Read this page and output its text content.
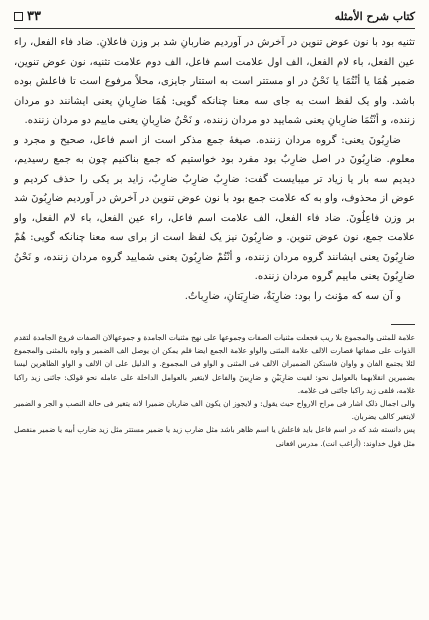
کتاب شرح الأمثله
۳۳

تثنیه بود با نون عوض تنوین در آخرش در آوردیم ضاربانِ شد بر وزن فاعلانِ. ضاد فاء الفعل، راء عین الفعل، باء لام الفعل، الف اول علامت اسم فاعل، الف دوم علامت تثنیه، نون عوض تنوین، ضمیر هُمَا یا أنْتُمَا یا نَحْنُ در او مستتر است به استتار جایزی، محلاً مرفوع است تا فاعلش بوده باشد. واو یک لفظ است به جای سه معنا چنانکه گویی: هُمَا ضارِبانِ یعنی ایشانند دو مردان زننده، و أنْتُمَا ضارِبانِ یعنی شمایید دو مردان زننده، و نَحْنُ ضارِبانِ یعنی ماییم دو مردان زننده.

ضارِبُونَ یعنی: گروه مردان زننده. صیغهٔ جمع مذکر است از اسم فاعل، صحیح و مجرد و معلوم. ضارِبُونَ در اصل ضارِبٌ بود مفرد بود خواستیم که جمع بناکنیم چون به جمع رسیدیم، دیدیم سه بار یا زیاد تر میبایست گفت: ضارِبٌ ضارِبٌ ضارِبٌ، زاید بر یکی را حذف کردیم و عوض از محذوف، واو به که علامت جمع بود با نون عوض تنوین در آخرش در آوردیم ضارِبُونَ شد بر وزن فاعِلُونَ. ضاد فاء الفعل، الف علامت اسم فاعل، راء عین الفعل، باء لام الفعل، واو علامت جمع، نون عوض تنوین. و ضارِبُونَ نیز یک لفظ است از برای سه معنا چنانکه گویی: هُمْ ضارِبُونَ یعنی ایشانند گروه مردان زننده، و أنْتُمْ ضارِبُونَ یعنی شمایید گروه مردان زننده، و نَحْنُ ضارِبُونَ یعنی ماییم گروه مردان زننده.

و آن سه که مؤنث را بود: ضارِبَةٌ، ضارِبَتانِ، ضارِباتٌ.

علامة للمثنی والمجموع بلا ریب فجعلت مثنیات الصفات وجموعها علی نهج مثنیات الجامدة و جموعهالان الصفات فروع الجامدة لتقدم الذوات علی صفاتها فصارت الالف علامة المثنی والواو علامة الجمع ایضا فلم یمکن ان یوصل الف الضمیر و واوه بالمثنی والمجموع لئلا یجتمع الفان و واوان فاستکن الضمیران الالف فی المثنی و الواو فی المجموع. و الدلیل علی ان الالف و الواو الظاهرین لیسا بضمیرین انقلابهما بالعوامل نحو: لقیت ضارِبَیْنِ و ضارِبینَ والفاعل لایتغیر بالعوامل الداخلة علی عامله نحو قولک: جائنی زید راکبا غلامه، فلقی زید راکبا جائنی فی غلامه.

والی اجمال ذلک اشار فی مراح الارواح حیث یقول: و لایجوز ان یکون الف ضاربان ضمیرا لانه یتغیر فی حالة النصب و الجر و الضمیر لایتغیر کالف یضربان.

پس دانسته شد که در اسم فاعل باید فاعلش یا اسم ظاهر باشد مثل ضارب زید یا ضمیر مستتر مثل زید ضارب أبیه یا ضمیر منفصل مثل قول خداوند: (أراغب انت). مدرس افغانی
